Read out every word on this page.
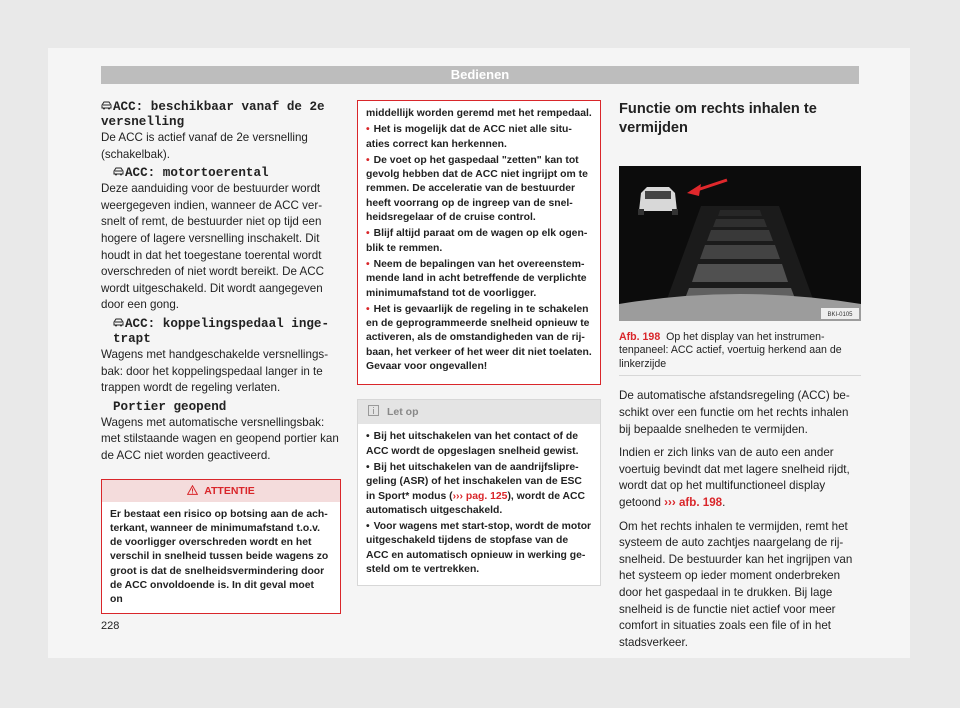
Bedienen
ACC: beschikbaar vanaf de 2e versnelling

De ACC is actief vanaf de 2e versnelling (schakelbak).

ACC: motortoerental

Deze aanduiding voor de bestuurder wordt weergegeven indien, wanneer de ACC versnelt of remt, de bestuurder niet op tijd een hogere of lagere versnelling inschakelt. Dit houdt in dat het toegestane toerental wordt overschreden of niet wordt bereikt. De ACC wordt uitgeschakeld. Dit wordt aangegeven door een gong.

ACC: koppelingspedaal ingetrapt

Wagens met handgeschakelde versnellingsbak: door het koppelingspedaal langer in te trappen wordt de regeling verlaten.

Portier geopend

Wagens met automatische versnellingsbak: met stilstaande wagen en geopend portier kan de ACC niet worden geactiveerd.

ATTENTIE
Er bestaat een risico op botsing aan de achterkant, wanneer de minimumafstand t.o.v. de voorligger overschreden wordt en het verschil in snelheid tussen beide wagens zo groot is dat de snelheidsvermindering door de ACC onvoldoende is. In dit geval moet on

middellijk worden geremd met het rempedaal.

• Het is mogelijk dat de ACC niet alle situaties correct kan herkennen.

• De voet op het gaspedaal "zetten" kan tot gevolg hebben dat de ACC niet ingrijpt om te remmen. De acceleratie van de bestuurder heeft voorrang op de ingreep van de snelheidsregelaar of de cruise control.

• Blijf altijd paraat om de wagen op elk ogenblik te remmen.

• Neem de bepalingen van het overeenstemmende land in acht betreffende de verplichte minimumafstand tot de voorligger.

• Het is gevaarlijk de regeling in te schakelen en de geprogrammeerde snelheid opnieuw te activeren, als de omstandigheden van de rijbaan, het verkeer of het weer dit niet toelaten. Gevaar voor ongevallen!

Let op

• Bij het uitschakelen van het contact of de ACC wordt de opgeslagen snelheid gewist.

• Bij het uitschakelen van de aandrijfslipregeling (ASR) of het inschakelen van de ESC in Sport* modus (››› pag. 125), wordt de ACC automatisch uitgeschakeld.

• Voor wagens met start-stop, wordt de motor uitgeschakeld tijdens de stopfase van de ACC en automatisch opnieuw in werking gesteld om te vertrekken.

Functie om rechts inhalen te vermijden
BKI-0105
Afb. 198 Op het display van het instrumentenpaneel: ACC actief, voertuig herkend aan de linkerzijde

De automatische afstandsregeling (ACC) beschikt over een functie om het rechts inhalen bij bepaalde snelheden te vermijden.

Indien er zich links van de auto een ander voertuig bevindt dat met lagere snelheid rijdt, wordt dat op het multifunctioneel display getoond ››› afb. 198.

Om het rechts inhalen te vermijden, remt het systeem de auto zachtjes naargelang de rijsnelheid. De bestuurder kan het ingrijpen van het systeem op ieder moment onderbreken door het gaspedaal in te drukken. Bij lage snelheid is de functie niet actief voor meer comfort in situaties zoals een file of in het stadsverkeer.

228
